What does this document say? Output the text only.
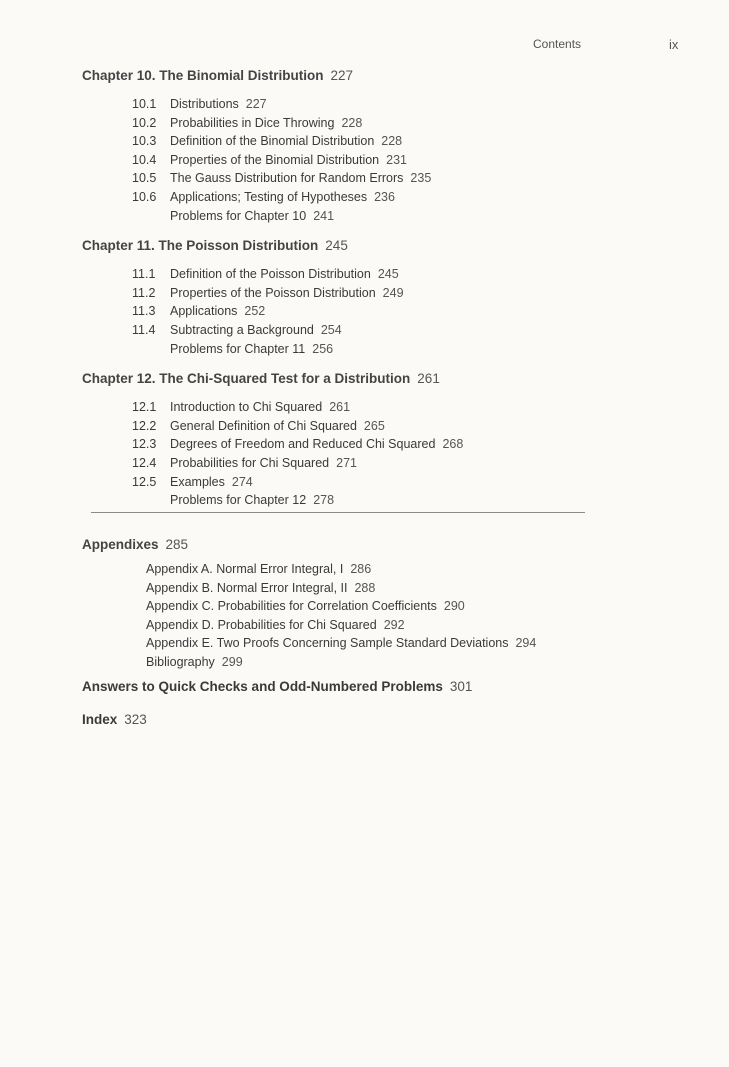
Contents	ix
Chapter 10. The Binomial Distribution 227
10.1 Distributions 227
10.2 Probabilities in Dice Throwing 228
10.3 Definition of the Binomial Distribution 228
10.4 Properties of the Binomial Distribution 231
10.5 The Gauss Distribution for Random Errors 235
10.6 Applications; Testing of Hypotheses 236
Problems for Chapter 10 241
Chapter 11. The Poisson Distribution 245
11.1 Definition of the Poisson Distribution 245
11.2 Properties of the Poisson Distribution 249
11.3 Applications 252
11.4 Subtracting a Background 254
Problems for Chapter 11 256
Chapter 12. The Chi-Squared Test for a Distribution 261
12.1 Introduction to Chi Squared 261
12.2 General Definition of Chi Squared 265
12.3 Degrees of Freedom and Reduced Chi Squared 268
12.4 Probabilities for Chi Squared 271
12.5 Examples 274
Problems for Chapter 12 278
Appendixes 285
Appendix A. Normal Error Integral, I 286
Appendix B. Normal Error Integral, II 288
Appendix C. Probabilities for Correlation Coefficients 290
Appendix D. Probabilities for Chi Squared 292
Appendix E. Two Proofs Concerning Sample Standard Deviations 294
Bibliography 299
Answers to Quick Checks and Odd-Numbered Problems 301
Index 323
